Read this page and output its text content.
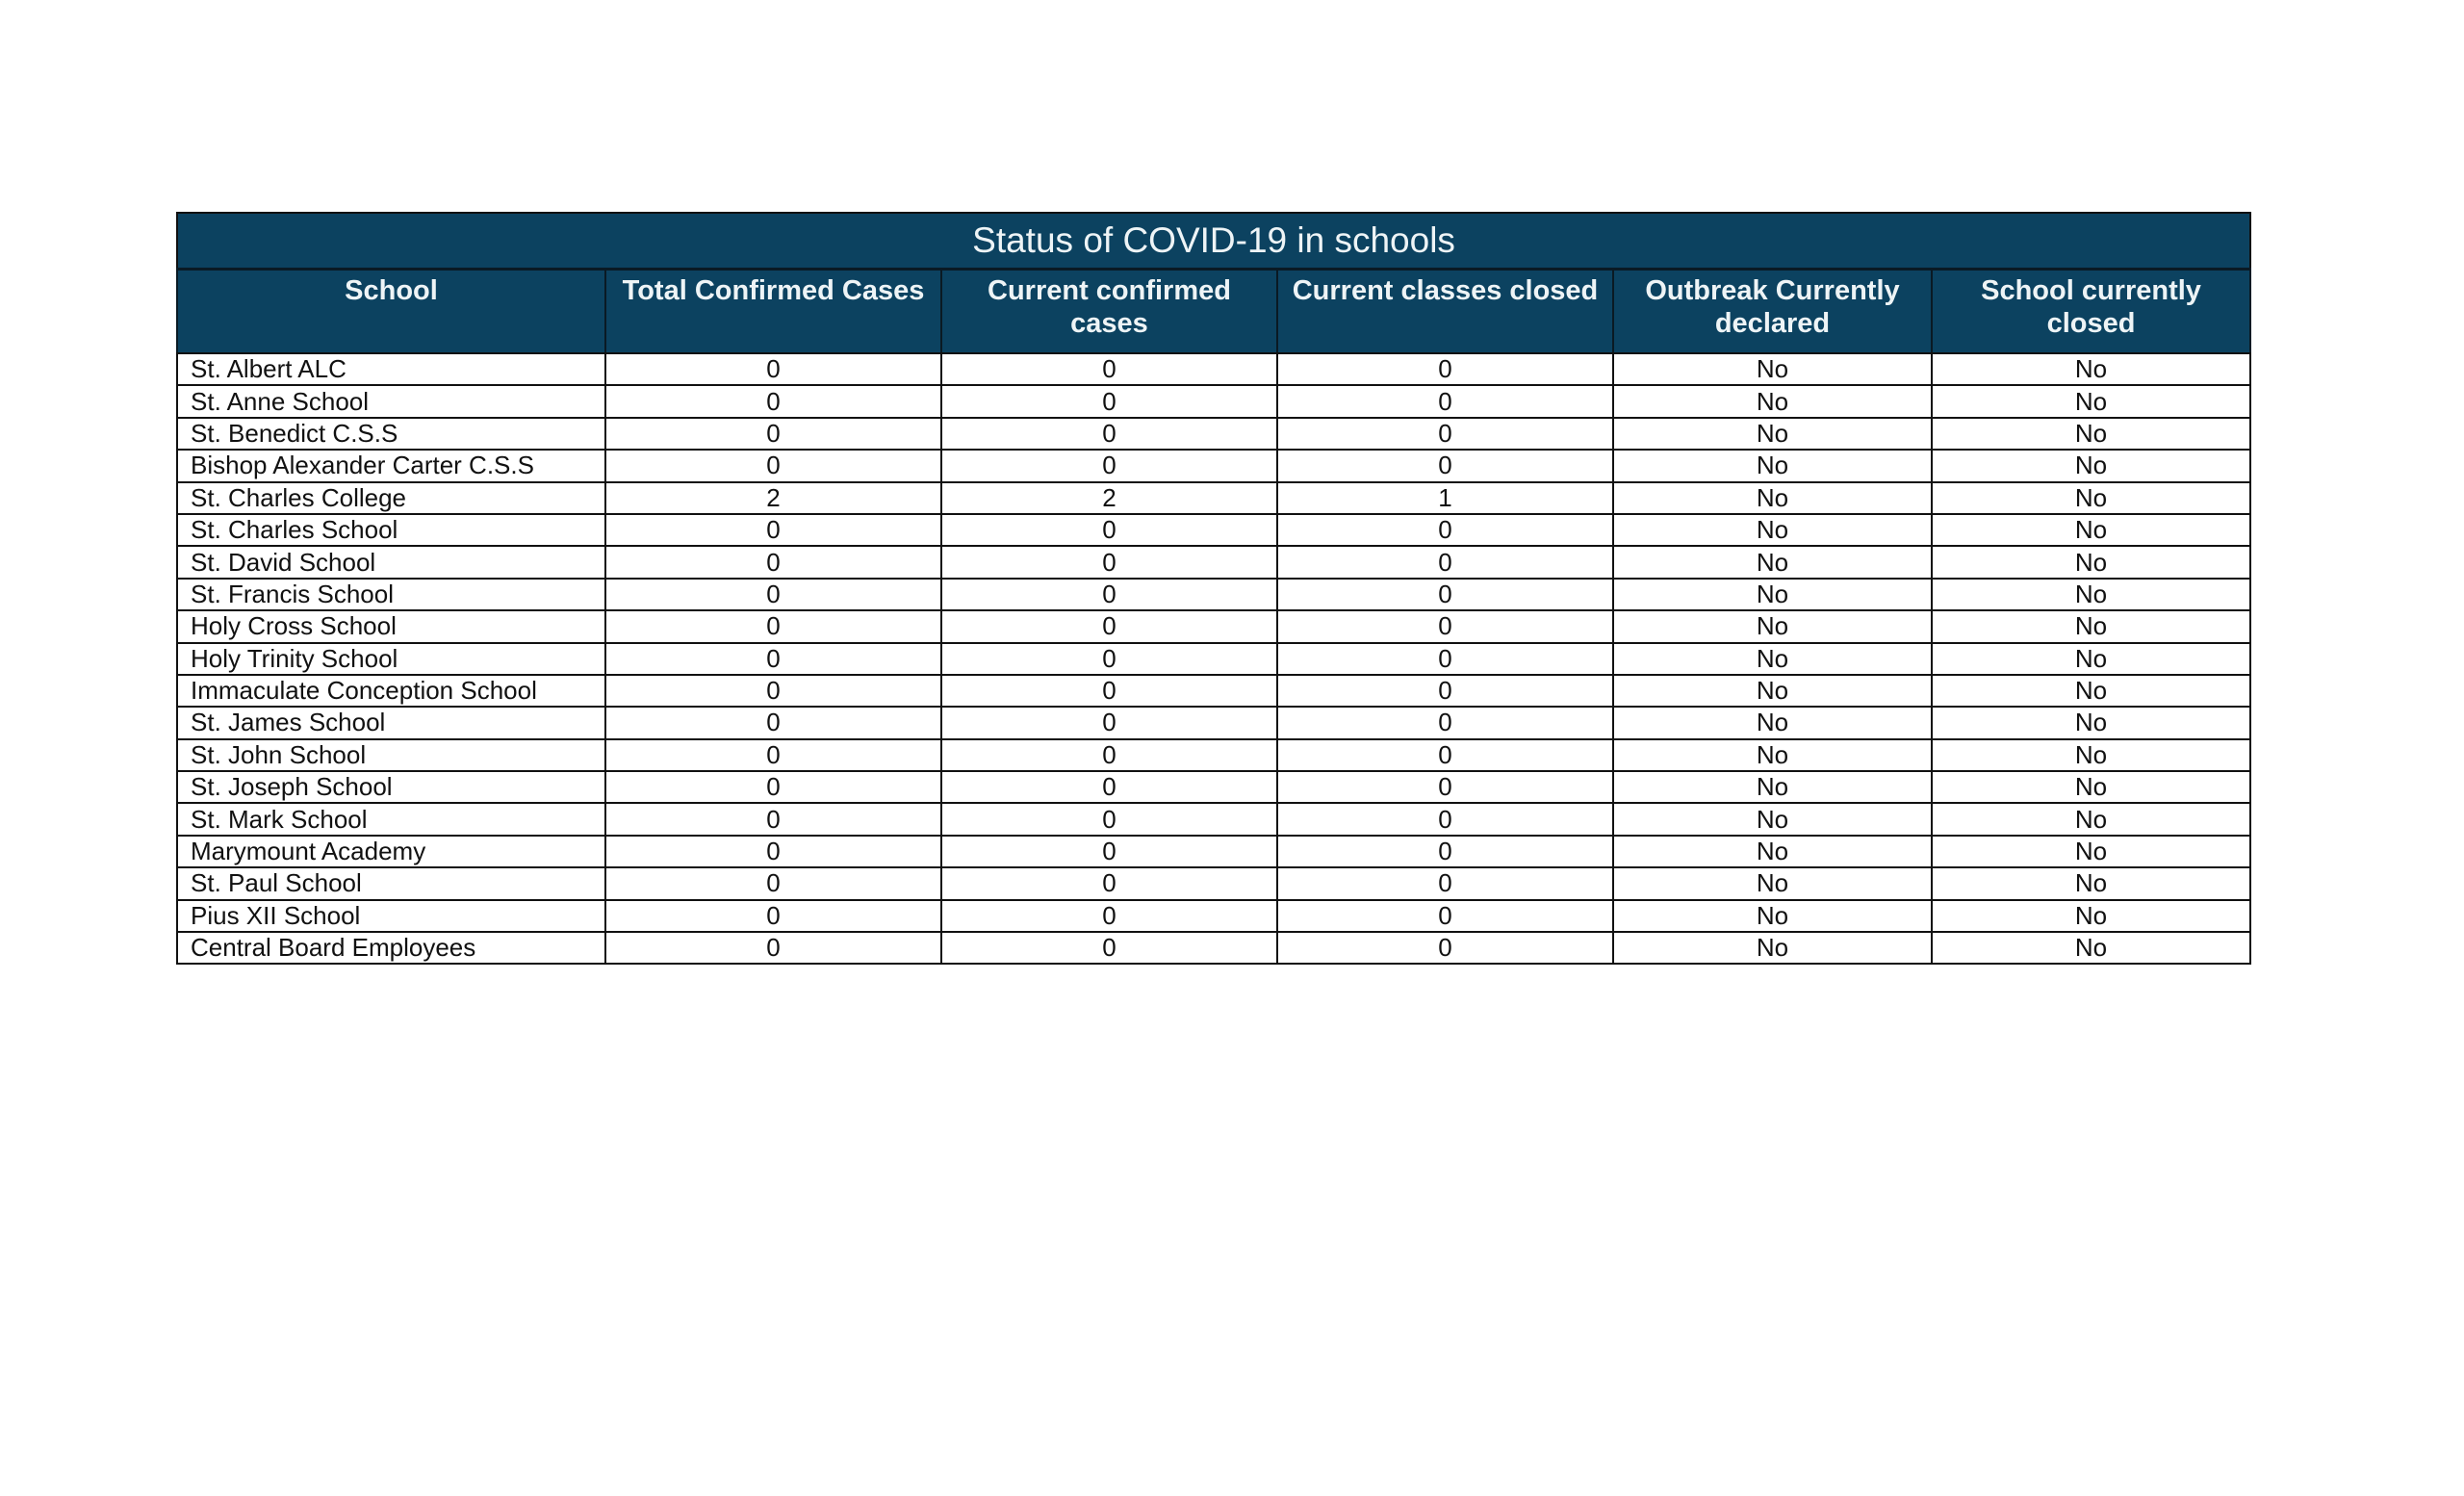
Status of COVID-19 in schools					
School	Total Confirmed Cases	Current confirmed cases	Current classes closed	Outbreak Currently declared	School currently closed
St. Albert ALC	0	0	0	No	No
St. Anne School	0	0	0	No	No
St. Benedict C.S.S	0	0	0	No	No
Bishop Alexander Carter C.S.S	0	0	0	No	No
St. Charles College	2	2	1	No	No
St. Charles School	0	0	0	No	No
St. David School	0	0	0	No	No
St. Francis School	0	0	0	No	No
Holy Cross School	0	0	0	No	No
Holy Trinity School	0	0	0	No	No
Immaculate Conception School	0	0	0	No	No
St. James School	0	0	0	No	No
St. John School	0	0	0	No	No
St. Joseph School	0	0	0	No	No
St. Mark School	0	0	0	No	No
Marymount Academy	0	0	0	No	No
St. Paul School	0	0	0	No	No
Pius XII School	0	0	0	No	No
Central Board Employees	0	0	0	No	No
